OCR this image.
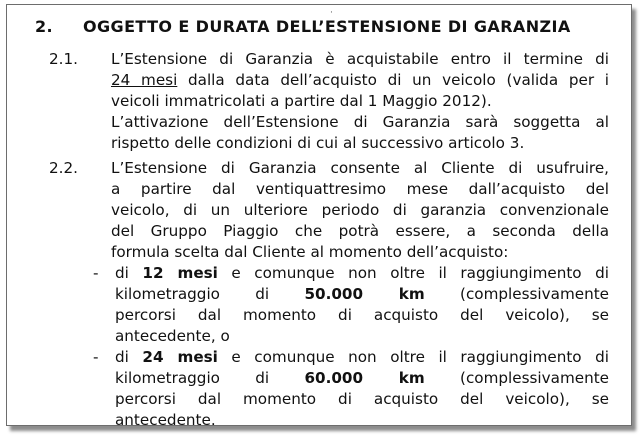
·
2. OGGETTO E DURATA DELL’ESTENSIONE DI GARANZIA
2.1. L’Estensione di Garanzia è acquistabile entro il termine di
24 mesi dalla data dell’acquisto di un veicolo (valida per i
veicoli immatricolati a partire dal 1 Maggio 2012).
L’attivazione dell’Estensione di Garanzia sarà soggetta al
rispetto delle condizioni di cui al successivo articolo 3.
2.2. L’Estensione di Garanzia consente al Cliente di usufruire,
a partire dal ventiquattresimo mese dall’acquisto del
veicolo, di un ulteriore periodo di garanzia convenzionale
del Gruppo Piaggio che potrà essere, a seconda della
formula scelta dal Cliente al momento dell’acquisto:
- di 12 mesi e comunque non oltre il raggiungimento di
kilometraggio di 50.000 km (complessivamente
percorsi dal momento di acquisto del veicolo), se
antecedente, o
- di 24 mesi e comunque non oltre il raggiungimento di
kilometraggio di 60.000 km (complessivamente
percorsi dal momento di acquisto del veicolo), se
antecedente.
